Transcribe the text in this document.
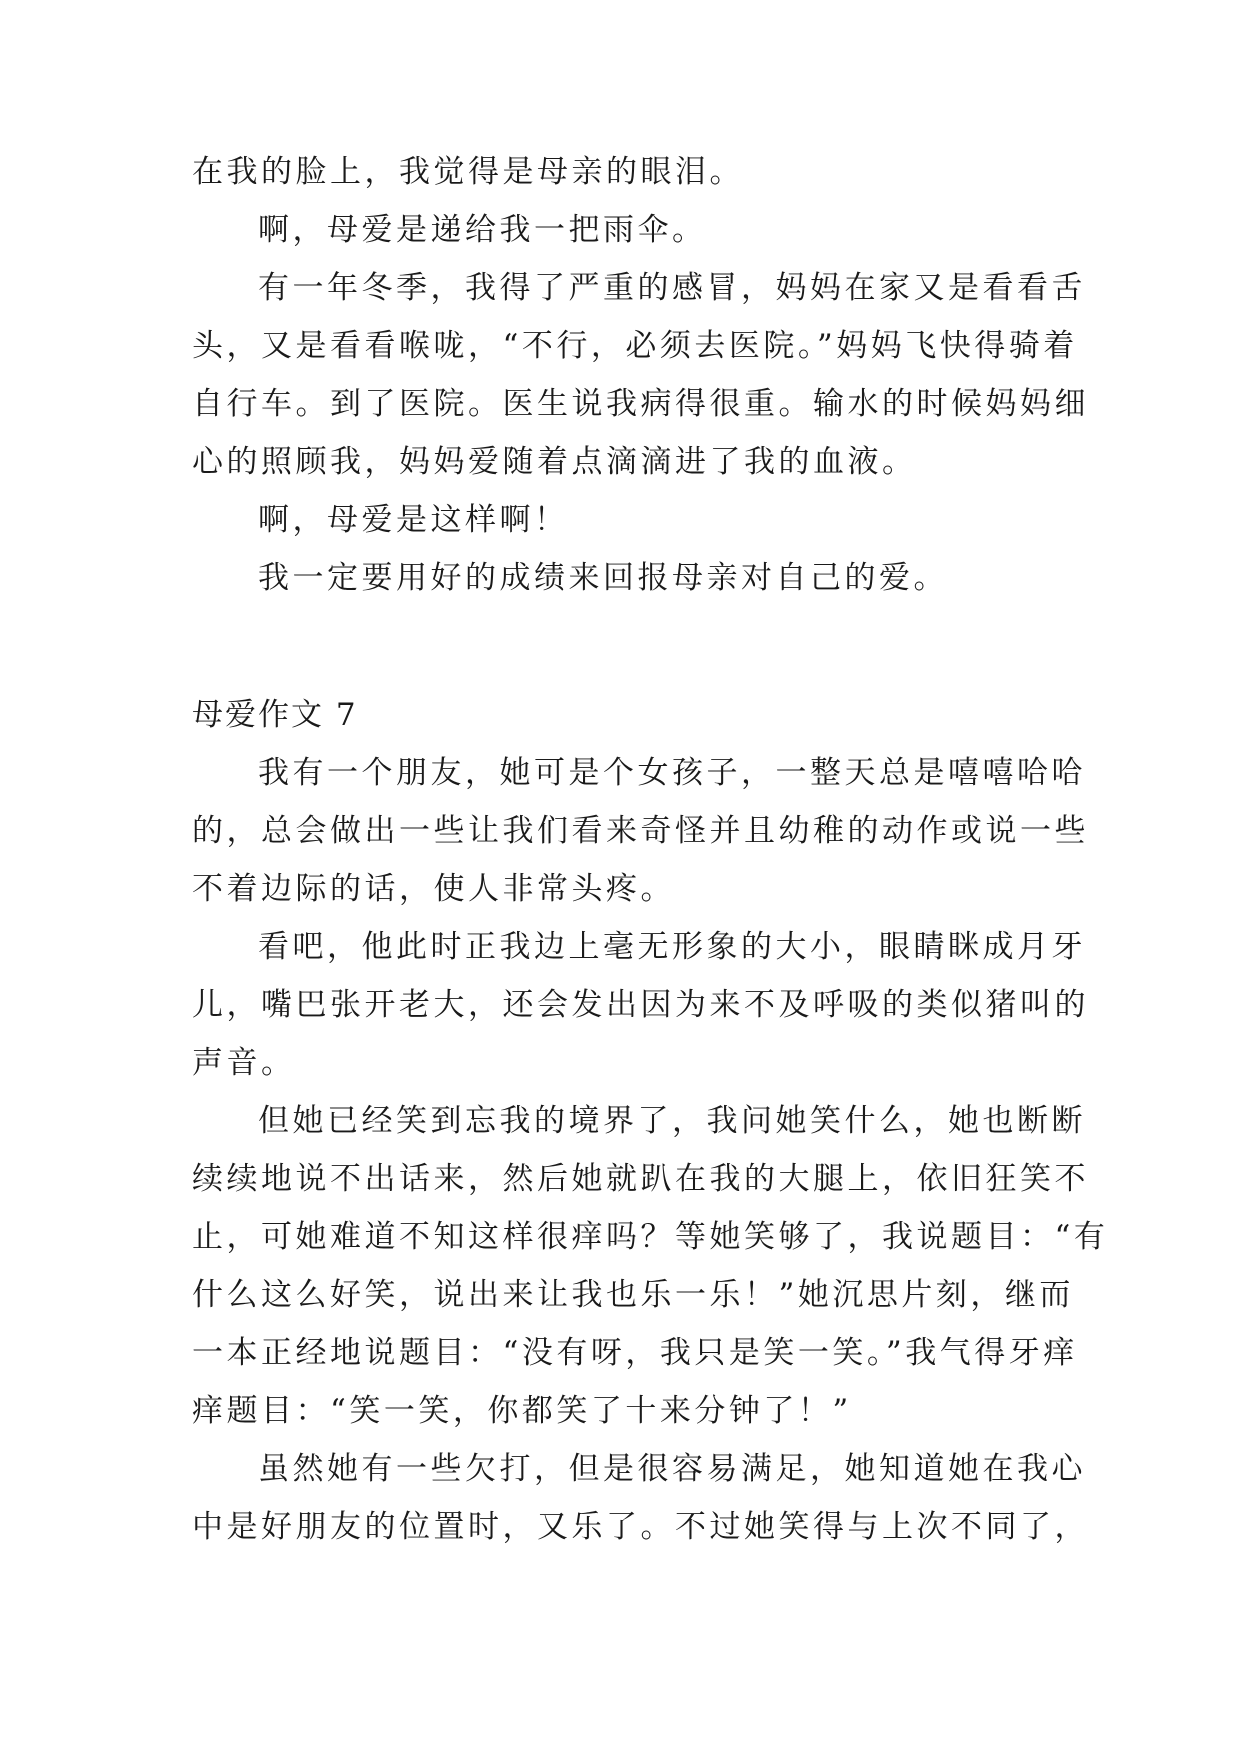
在我的脸上，我觉得是母亲的眼泪。
啊，母爱是递给我一把雨伞。
有一年冬季，我得了严重的感冒，妈妈在家又是看看舌
头，又是看看喉咙，“不行，必须去医院。”妈妈飞快得骑着
自行车。到了医院。医生说我病得很重。输水的时候妈妈细
心的照顾我，妈妈爱随着点滴滴进了我的血液。
啊，母爱是这样啊！
我一定要用好的成绩来回报母亲对自己的爱。
母爱作文 7
我有一个朋友，她可是个女孩子，一整天总是嘻嘻哈哈
的，总会做出一些让我们看来奇怪并且幼稚的动作或说一些
不着边际的话，使人非常头疼。
看吧，他此时正我边上毫无形象的大小，眼睛眯成月牙
儿，嘴巴张开老大，还会发出因为来不及呼吸的类似猪叫的
声音。
但她已经笑到忘我的境界了，我问她笑什么，她也断断
续续地说不出话来，然后她就趴在我的大腿上，依旧狂笑不
止，可她难道不知这样很痒吗？等她笑够了，我说题目：“有
什么这么好笑，说出来让我也乐一乐！”她沉思片刻，继而
一本正经地说题目：“没有呀，我只是笑一笑。”我气得牙痒
痒题目：“笑一笑，你都笑了十来分钟了！”
虽然她有一些欠打，但是很容易满足，她知道她在我心
中是好朋友的位置时，又乐了。不过她笑得与上次不同了，
